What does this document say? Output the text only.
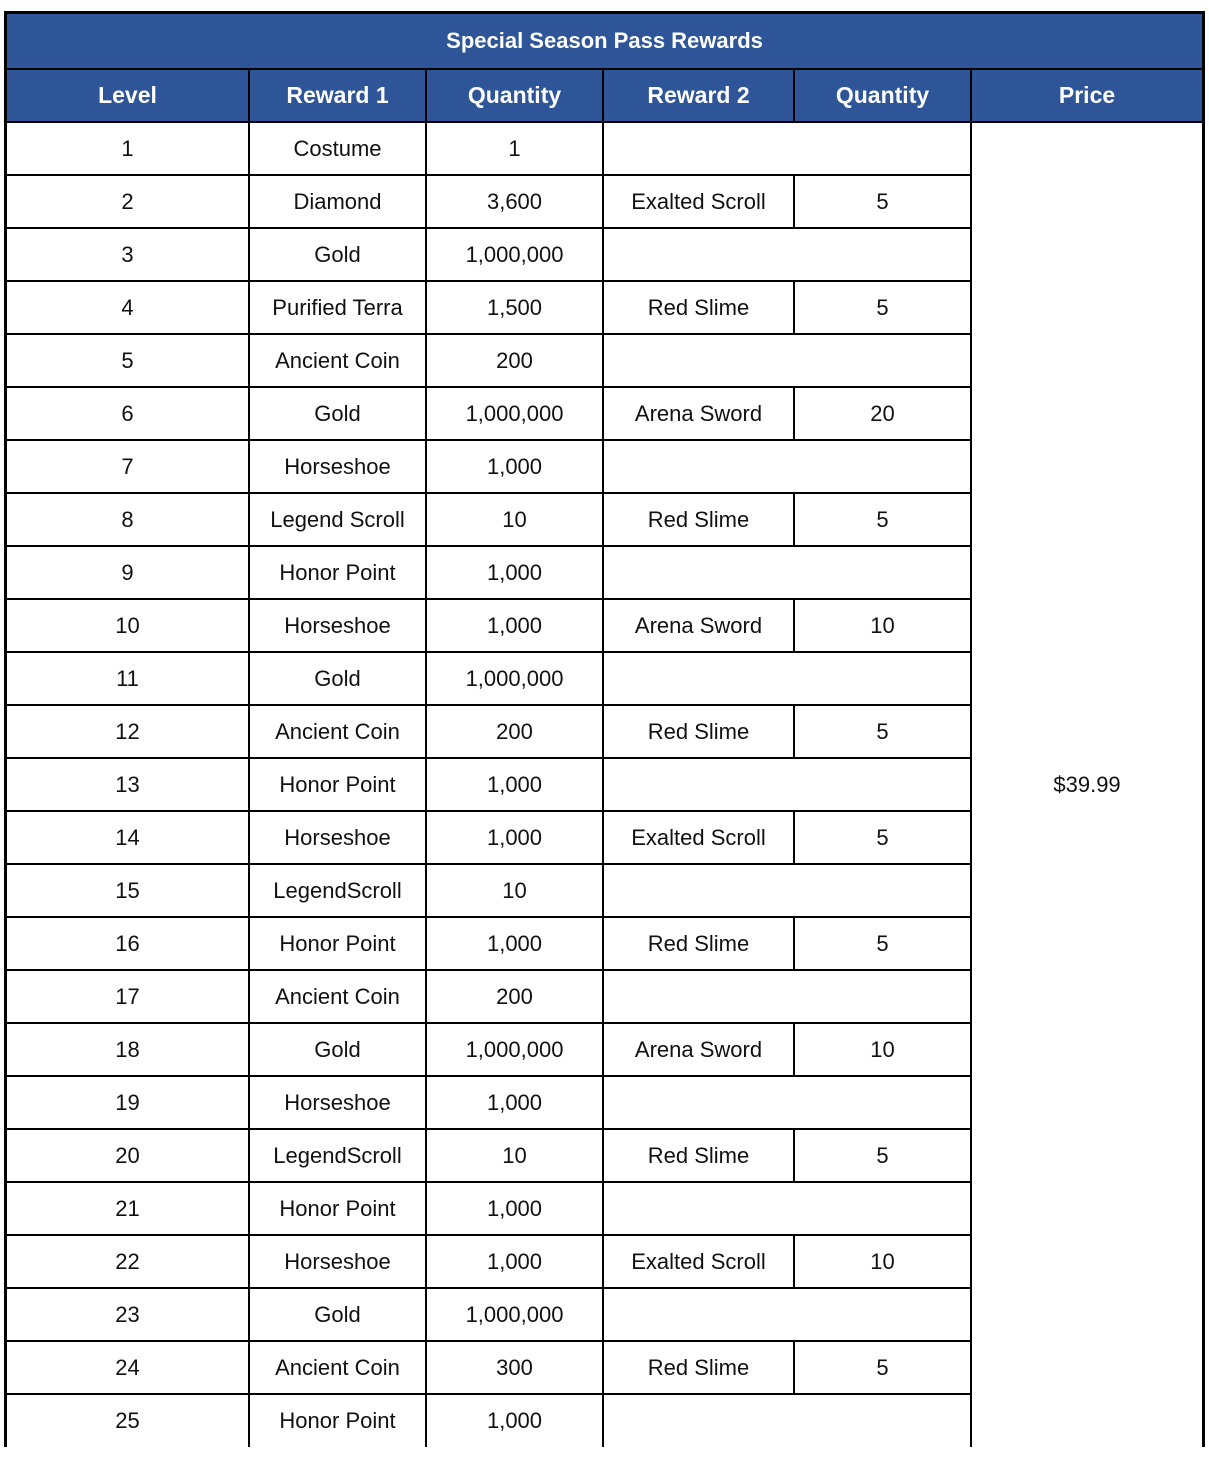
Special Season Pass Rewards					
Level	Reward 1	Quantity	Reward 2	Quantity	Price
1	Costume	1			$39.99
2	Diamond	3,600	Exalted Scroll	5	
3	Gold	1,000,000			
4	Purified Terra	1,500	Red Slime	5	
5	Ancient Coin	200			
6	Gold	1,000,000	Arena Sword	20	
7	Horseshoe	1,000			
8	Legend Scroll	10	Red Slime	5	
9	Honor Point	1,000			
10	Horseshoe	1,000	Arena Sword	10	
11	Gold	1,000,000			
12	Ancient Coin	200	Red Slime	5	
13	Honor Point	1,000			
14	Horseshoe	1,000	Exalted Scroll	5	
15	LegendScroll	10			
16	Honor Point	1,000	Red Slime	5	
17	Ancient Coin	200			
18	Gold	1,000,000	Arena Sword	10	
19	Horseshoe	1,000			
20	LegendScroll	10	Red Slime	5	
21	Honor Point	1,000			
22	Horseshoe	1,000	Exalted Scroll	10	
23	Gold	1,000,000			
24	Ancient Coin	300	Red Slime	5	
25	Honor Point	1,000			
